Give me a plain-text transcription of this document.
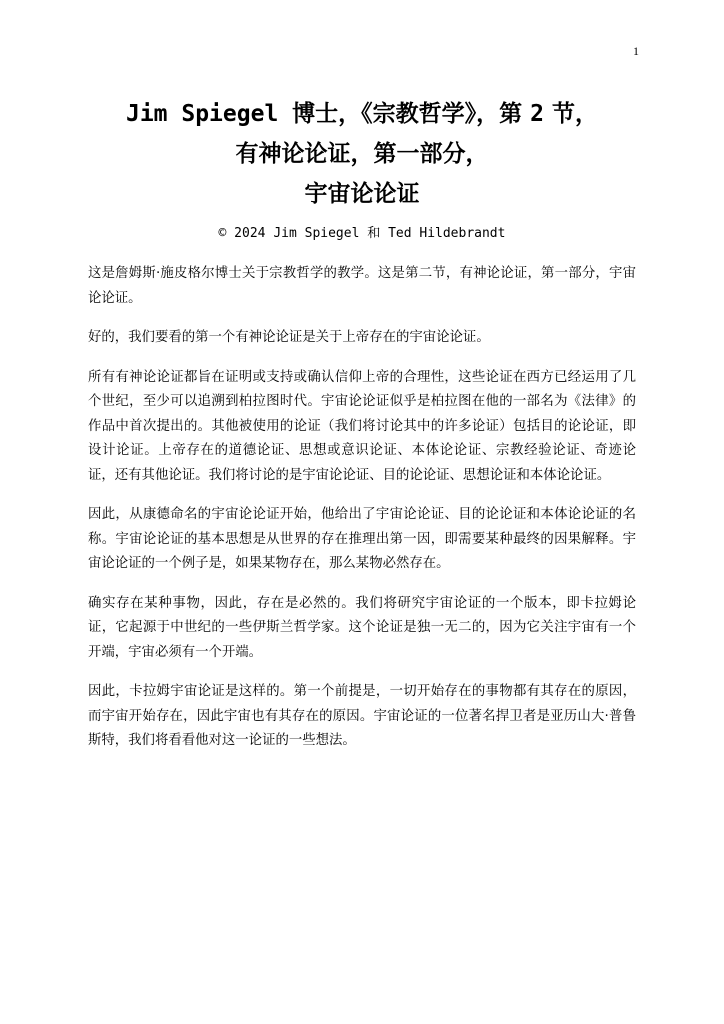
1
Jim Spiegel 博士，《宗教哲学》，第 2 节，
有神论论证，第一部分，
宇宙论论证
© 2024 Jim Spiegel 和 Ted Hildebrandt

这是詹姆斯·施皮格尔博士关于宗教哲学的教学。这是第二节，有神论论证，第一部分，宇宙论论证。

好的，我们要看的第一个有神论论证是关于上帝存在的宇宙论论证。

所有有神论论证都旨在证明或支持或确认信仰上帝的合理性，这些论证在西方已经运用了几个世纪，至少可以追溯到柏拉图时代。宇宙论论证似乎是柏拉图在他的一部名为《法律》的作品中首次提出的。其他被使用的论证（我们将讨论其中的许多论证）包括目的论论证，即设计论证。上帝存在的道德论证、思想或意识论证、本体论论证、宗教经验论证、奇迹论证，还有其他论证。我们将讨论的是宇宙论论证、目的论论证、思想论证和本体论论证。

因此，从康德命名的宇宙论论证开始，他给出了宇宙论论证、目的论论证和本体论论证的名称。宇宙论论证的基本思想是从世界的存在推理出第一因，即需要某种最终的因果解释。宇宙论论证的一个例子是，如果某物存在，那么某物必然存在。

确实存在某种事物，因此，存在是必然的。我们将研究宇宙论证的一个版本，即卡拉姆论证，它起源于中世纪的一些伊斯兰哲学家。这个论证是独一无二的，因为它关注宇宙有一个开端，宇宙必须有一个开端。

因此，卡拉姆宇宙论证是这样的。第一个前提是，一切开始存在的事物都有其存在的原因，而宇宙开始存在，因此宇宙也有其存在的原因。宇宙论证的一位著名捍卫者是亚历山大·普鲁斯特，我们将看看他对这一论证的一些想法。
